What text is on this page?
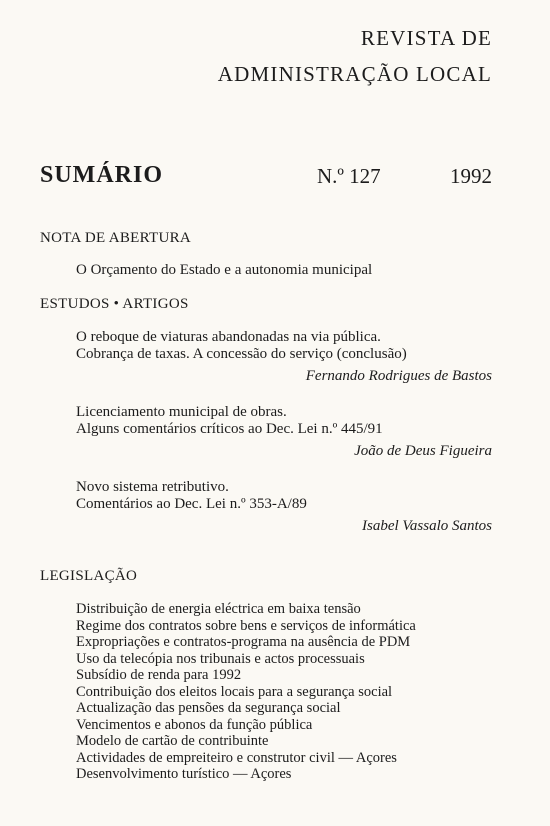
REVISTA DE
ADMINISTRAÇÃO LOCAL
SUMÁRIO	N.º 127	1992
NOTA DE ABERTURA
O Orçamento do Estado e a autonomia municipal
ESTUDOS • ARTIGOS
O reboque de viaturas abandonadas na via pública.
Cobrança de taxas. A concessão do serviço (conclusão)
Fernando Rodrigues de Bastos
Licenciamento municipal de obras.
Alguns comentários críticos ao Dec. Lei n.º 445/91
João de Deus Figueira
Novo sistema retributivo.
Comentários ao Dec. Lei n.º 353-A/89
Isabel Vassalo Santos
LEGISLAÇÃO
Distribuição de energia eléctrica em baixa tensão
Regime dos contratos sobre bens e serviços de informática
Expropriações e contratos-programa na ausência de PDM
Uso da telecópia nos tribunais e actos processuais
Subsídio de renda para 1992
Contribuição dos eleitos locais para a segurança social
Actualização das pensões da segurança social
Vencimentos e abonos da função pública
Modelo de cartão de contribuinte
Actividades de empreiteiro e construtor civil — Açores
Desenvolvimento turístico — Açores
